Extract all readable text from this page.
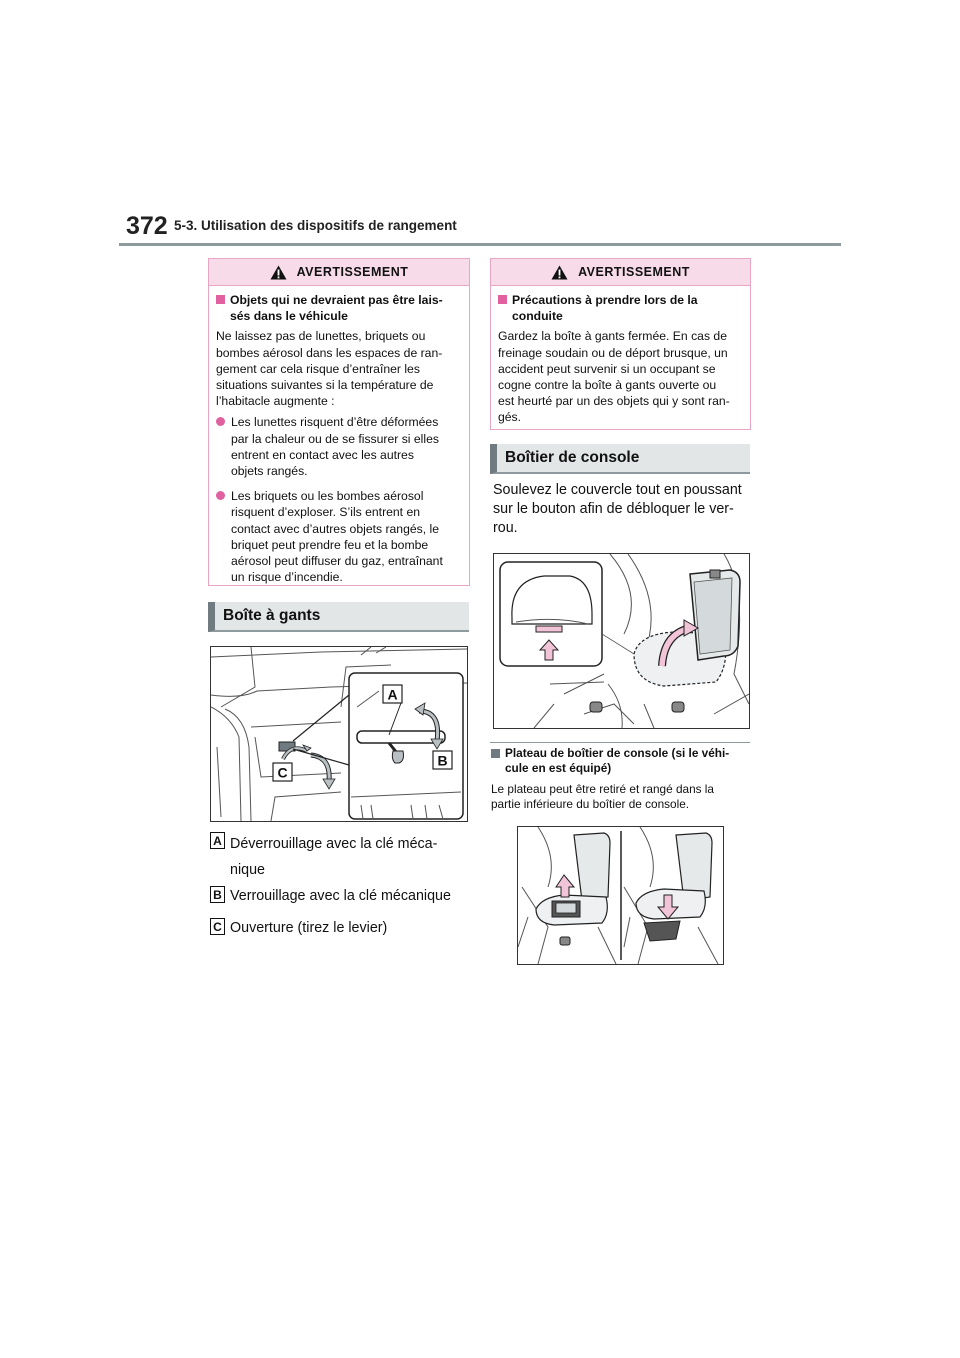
372 5-3. Utilisation des dispositifs de rangement
AVERTISSEMENT
Objets qui ne devraient pas être lais-
sés dans le véhicule
Ne laissez pas de lunettes, briquets ou
bombes aérosol dans les espaces de ran-
gement car cela risque d’entraîner les
situations suivantes si la température de
l’habitacle augmente :
Les lunettes risquent d’être déformées
par la chaleur ou de se fissurer si elles
entrent en contact avec les autres
objets rangés.
Les briquets ou les bombes aérosol
risquent d’exploser. S’ils entrent en
contact avec d’autres objets rangés, le
briquet peut prendre feu et la bombe
aérosol peut diffuser du gaz, entraînant
un risque d’incendie.
Boîte à gants
A
B
C
A Déverrouillage avec la clé méca-
nique
B Verrouillage avec la clé mécanique
C Ouverture (tirez le levier)
AVERTISSEMENT
Précautions à prendre lors de la
conduite
Gardez la boîte à gants fermée. En cas de
freinage soudain ou de déport brusque, un
accident peut survenir si un occupant se
cogne contre la boîte à gants ouverte ou
est heurté par un des objets qui y sont ran-
gés.
Boîtier de console
Soulevez le couvercle tout en poussant
sur le bouton afin de débloquer le ver-
rou.
Plateau de boîtier de console (si le véhi-
cule en est équipé)
Le plateau peut être retiré et rangé dans la
partie inférieure du boîtier de console.
